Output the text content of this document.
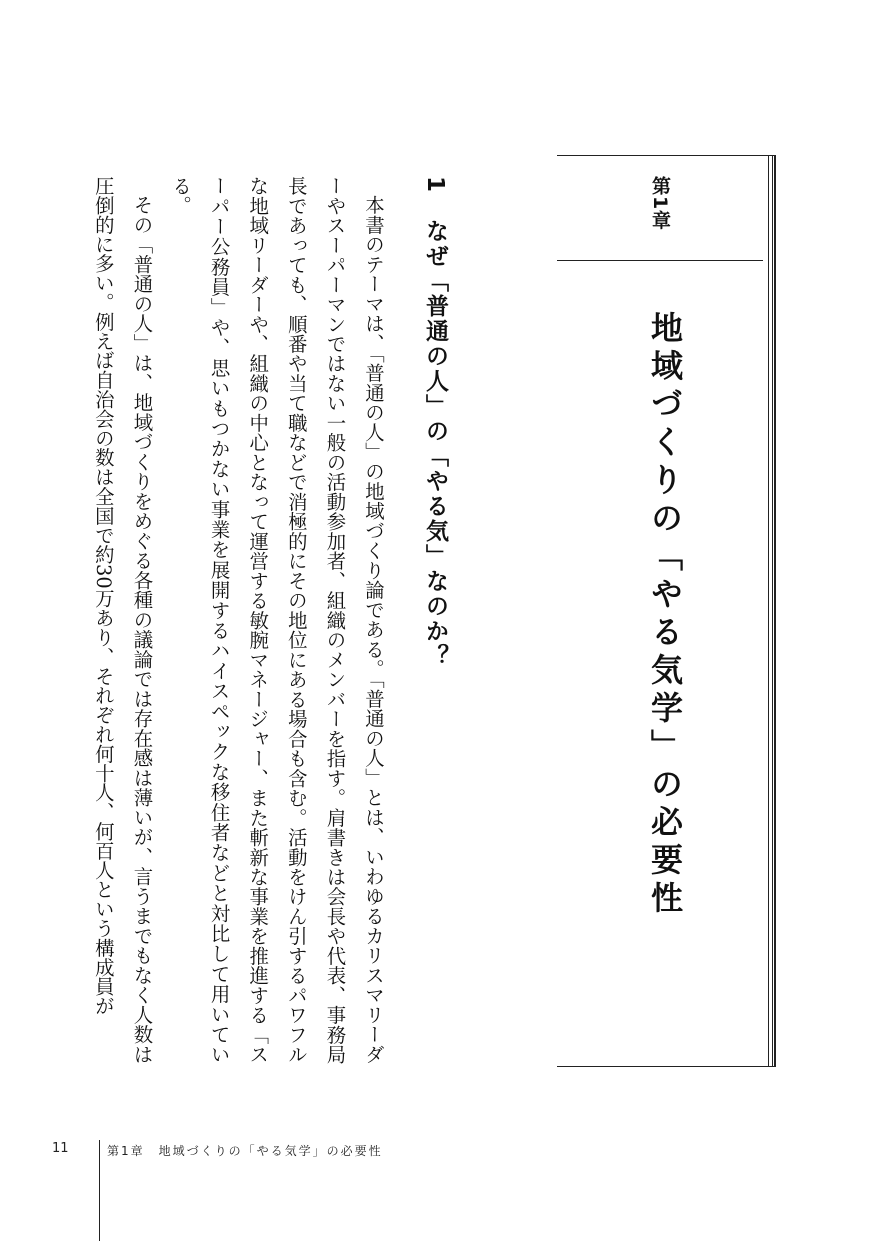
第1章
地域づくりの「やる気学」の必要性
1　なぜ「普通の人」の「やる気」なのか？

本書のテーマは、「普通の人」の地域づくり論である。「普通の人」とは、いわゆるカリスマリーダーやスーパーマンではない一般の活動参加者、組織のメンバーを指す。肩書きは会長や代表、事務局長であっても、順番や当て職などで消極的にその地位にある場合も含む。活動をけん引するパワフルな地域リーダーや、組織の中心となって運営する敏腕マネージャー、また斬新な事業を推進する「スーパー公務員」や、思いもつかない事業を展開するハイスペックな移住者などと対比して用いている。

その「普通の人」は、地域づくりをめぐる各種の議論では存在感は薄いが、言うまでもなく人数は圧倒的に多い。例えば自治会の数は全国で約30万あり、それぞれ何十人、何百人という構成員が

11	第1章　地域づくりの「やる気学」の必要性
